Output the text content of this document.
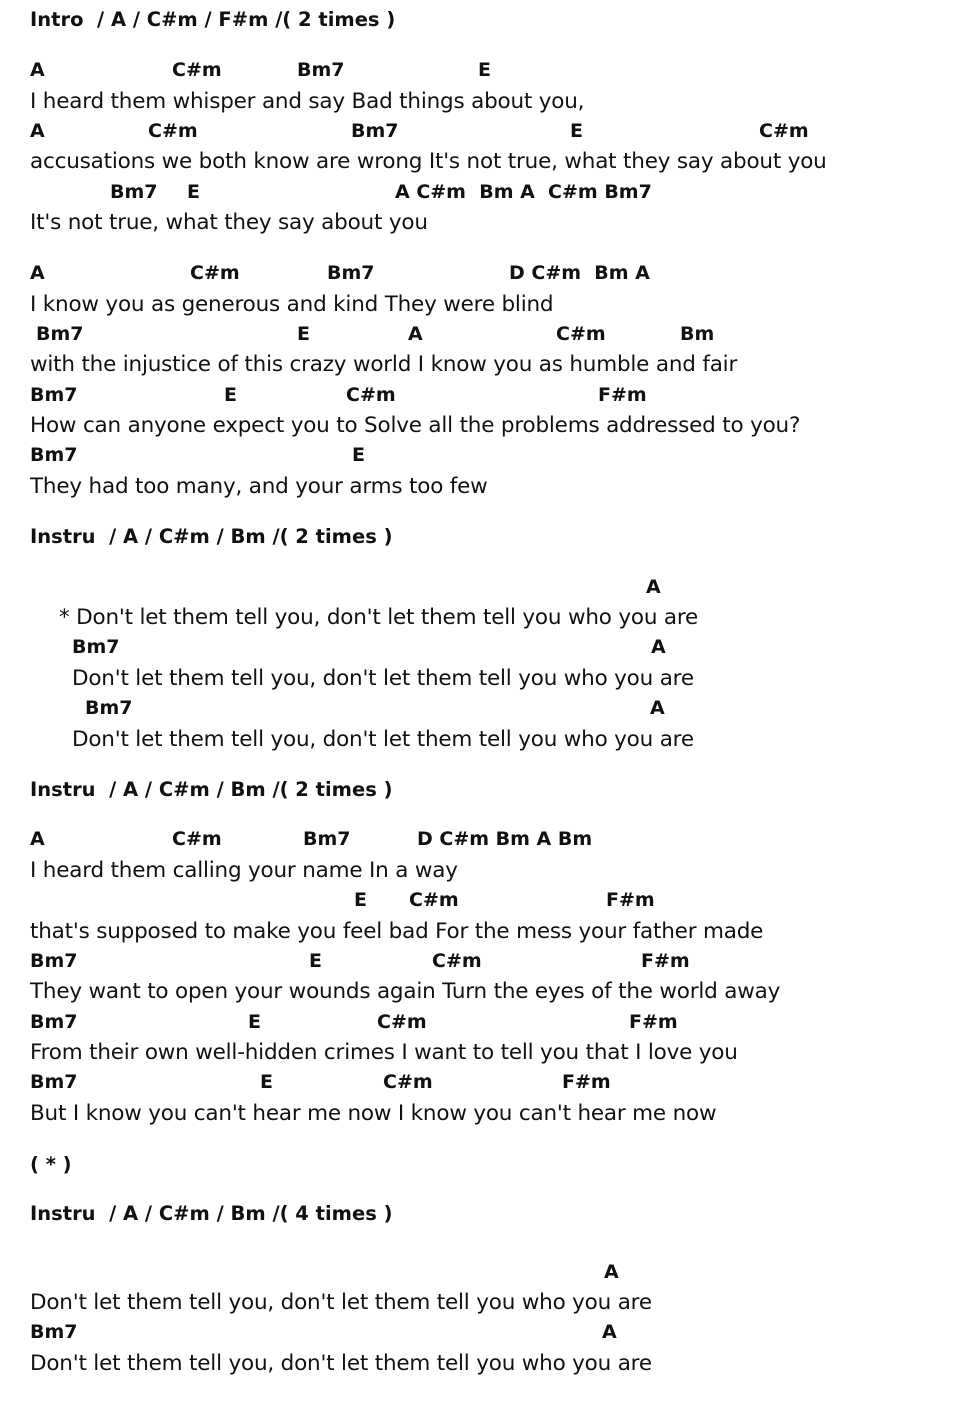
Intro  / A / C#m / F#m /( 2 times )
A	C#m	Bm7	E
I heard them whisper and say Bad things about you,
A	C#m	Bm7	E	C#m
accusations we both know are wrong It's not true, what they say about you
Bm7 E	A C#m  Bm A  C#m Bm7
It's not true, what they say about you
A	C#m	Bm7	D C#m  Bm A
I know you as generous and kind They were blind
Bm7	E	A	C#m	Bm
with the injustice of this crazy world I know you as humble and fair
Bm7	E	C#m	F#m
How can anyone expect you to Solve all the problems addressed to you?
Bm7	E
They had too many, and your arms too few
Instru  / A / C#m / Bm /( 2 times )
A
* Don't let them tell you, don't let them tell you who you are
Bm7	A
Don't let them tell you, don't let them tell you who you are
Bm7	A
Don't let them tell you, don't let them tell you who you are
Instru  / A / C#m / Bm /( 2 times )
A	C#m	Bm7	D C#m Bm A Bm
I heard them calling your name In a way
E C#m	F#m
that's supposed to make you feel bad For the mess your father made
Bm7	E	C#m	F#m
They want to open your wounds again Turn the eyes of the world away
Bm7	E	C#m	F#m
From their own well-hidden crimes I want to tell you that I love you
Bm7	E	C#m	F#m
But I know you can't hear me now I know you can't hear me now
( * )
Instru  / A / C#m / Bm /( 4 times )
A
Don't let them tell you, don't let them tell you who you are
Bm7	A
Don't let them tell you, don't let them tell you who you are
